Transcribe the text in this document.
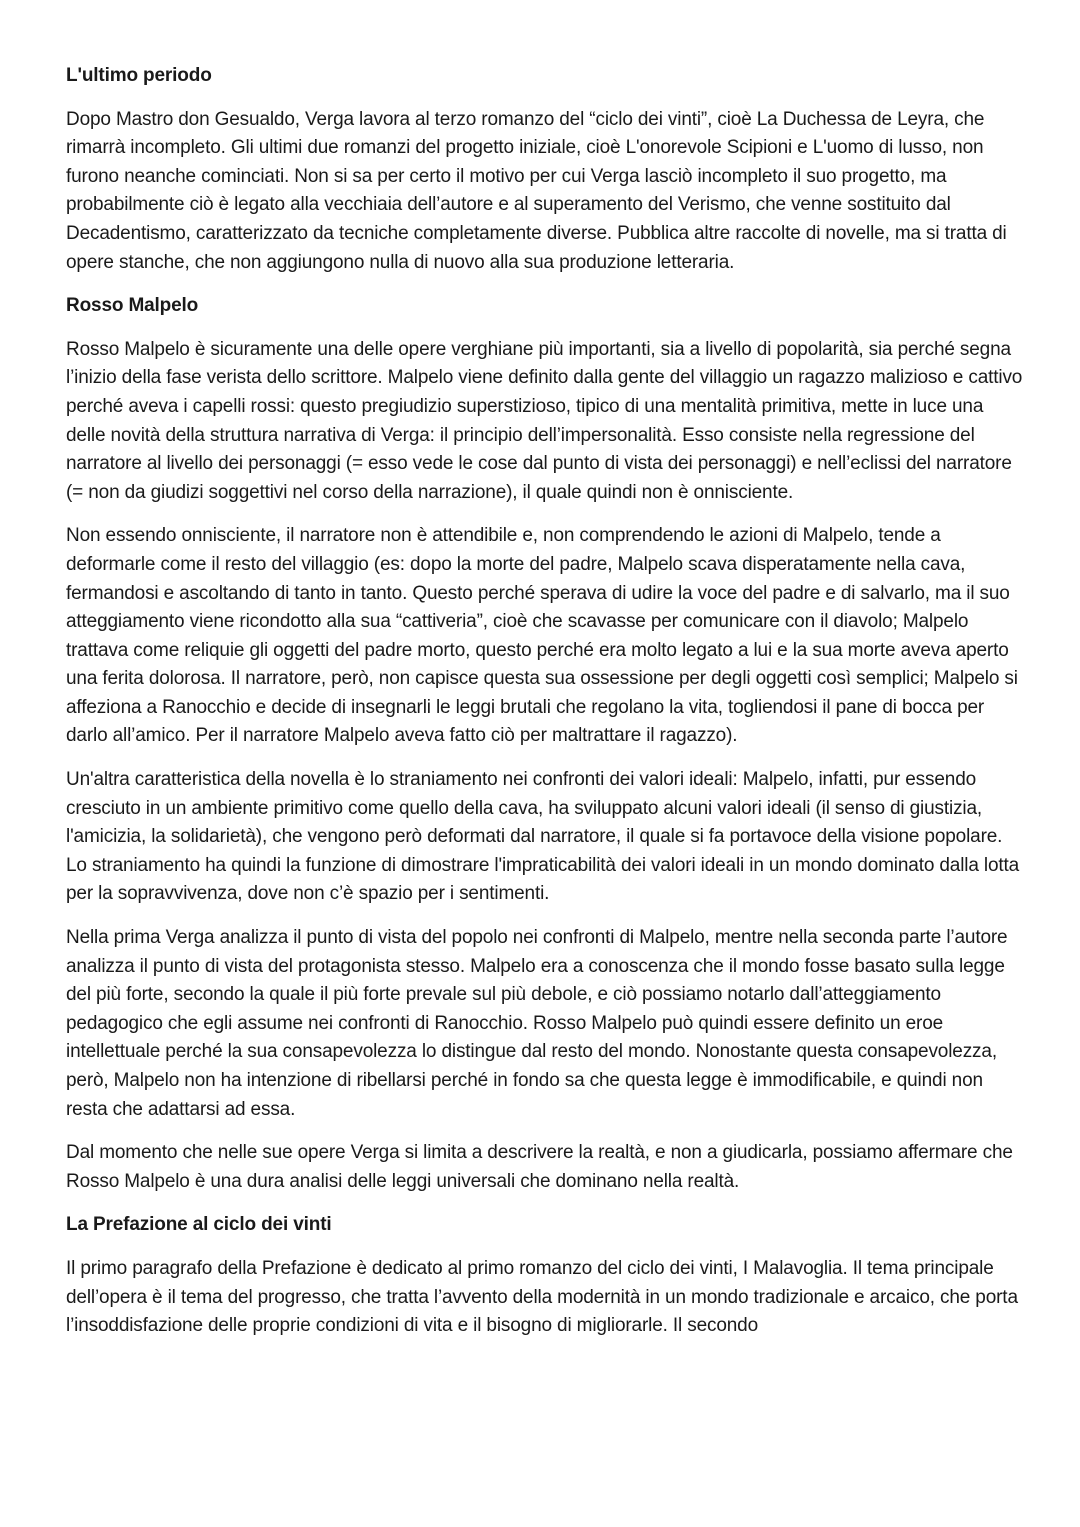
L'ultimo periodo

Dopo Mastro don Gesualdo, Verga lavora al terzo romanzo del “ciclo dei vinti”, cioè La Duchessa de Leyra, che rimarrà incompleto. Gli ultimi due romanzi del progetto iniziale, cioè L'onorevole Scipioni e L'uomo di lusso, non furono neanche cominciati. Non si sa per certo il motivo per cui Verga lasciò incompleto il suo progetto, ma probabilmente ciò è legato alla vecchiaia dell’autore e al superamento del Verismo, che venne sostituito dal Decadentismo, caratterizzato da tecniche completamente diverse. Pubblica altre raccolte di novelle, ma si tratta di opere stanche, che non aggiungono nulla di nuovo alla sua produzione letteraria.

Rosso Malpelo

Rosso Malpelo è sicuramente una delle opere verghiane più importanti, sia a livello di popolarità, sia perché segna l’inizio della fase verista dello scrittore. Malpelo viene definito dalla gente del villaggio un ragazzo malizioso e cattivo perché aveva i capelli rossi: questo pregiudizio superstizioso, tipico di una mentalità primitiva, mette in luce una delle novità della struttura narrativa di Verga: il principio dell’impersonalità. Esso consiste nella regressione del narratore al livello dei personaggi (= esso vede le cose dal punto di vista dei personaggi) e nell’eclissi del narratore (= non da giudizi soggettivi nel corso della narrazione), il quale quindi non è onnisciente.

Non essendo onnisciente, il narratore non è attendibile e, non comprendendo le azioni di Malpelo, tende a deformarle come il resto del villaggio (es: dopo la morte del padre, Malpelo scava disperatamente nella cava, fermandosi e ascoltando di tanto in tanto. Questo perché sperava di udire la voce del padre e di salvarlo, ma il suo atteggiamento viene ricondotto alla sua “cattiveria”, cioè che scavasse per comunicare con il diavolo; Malpelo trattava come reliquie gli oggetti del padre morto, questo perché era molto legato a lui e la sua morte aveva aperto una ferita dolorosa. Il narratore, però, non capisce questa sua ossessione per degli oggetti così semplici; Malpelo si affeziona a Ranocchio e decide di insegnarli le leggi brutali che regolano la vita, togliendosi il pane di bocca per darlo all’amico. Per il narratore Malpelo aveva fatto ciò per maltrattare il ragazzo).

Un'altra caratteristica della novella è lo straniamento nei confronti dei valori ideali: Malpelo, infatti, pur essendo cresciuto in un ambiente primitivo come quello della cava, ha sviluppato alcuni valori ideali (il senso di giustizia, l'amicizia, la solidarietà), che vengono però deformati dal narratore, il quale si fa portavoce della visione popolare. Lo straniamento ha quindi la funzione di dimostrare l'impraticabilità dei valori ideali in un mondo dominato dalla lotta per la sopravvivenza, dove non c’è spazio per i sentimenti.

Nella prima Verga analizza il punto di vista del popolo nei confronti di Malpelo, mentre nella seconda parte l’autore analizza il punto di vista del protagonista stesso. Malpelo era a conoscenza che il mondo fosse basato sulla legge del più forte, secondo la quale il più forte prevale sul più debole, e ciò possiamo notarlo dall’atteggiamento pedagogico che egli assume nei confronti di Ranocchio. Rosso Malpelo può quindi essere definito un eroe intellettuale perché la sua consapevolezza lo distingue dal resto del mondo. Nonostante questa consapevolezza, però, Malpelo non ha intenzione di ribellarsi perché in fondo sa che questa legge è immodificabile, e quindi non resta che adattarsi ad essa.

Dal momento che nelle sue opere Verga si limita a descrivere la realtà, e non a giudicarla, possiamo affermare che Rosso Malpelo è una dura analisi delle leggi universali che dominano nella realtà.

La Prefazione al ciclo dei vinti

Il primo paragrafo della Prefazione è dedicato al primo romanzo del ciclo dei vinti, I Malavoglia. Il tema principale dell’opera è il tema del progresso, che tratta l’avvento della modernità in un mondo tradizionale e arcaico, che porta l’insoddisfazione delle proprie condizioni di vita e il bisogno di migliorarle. Il secondo
